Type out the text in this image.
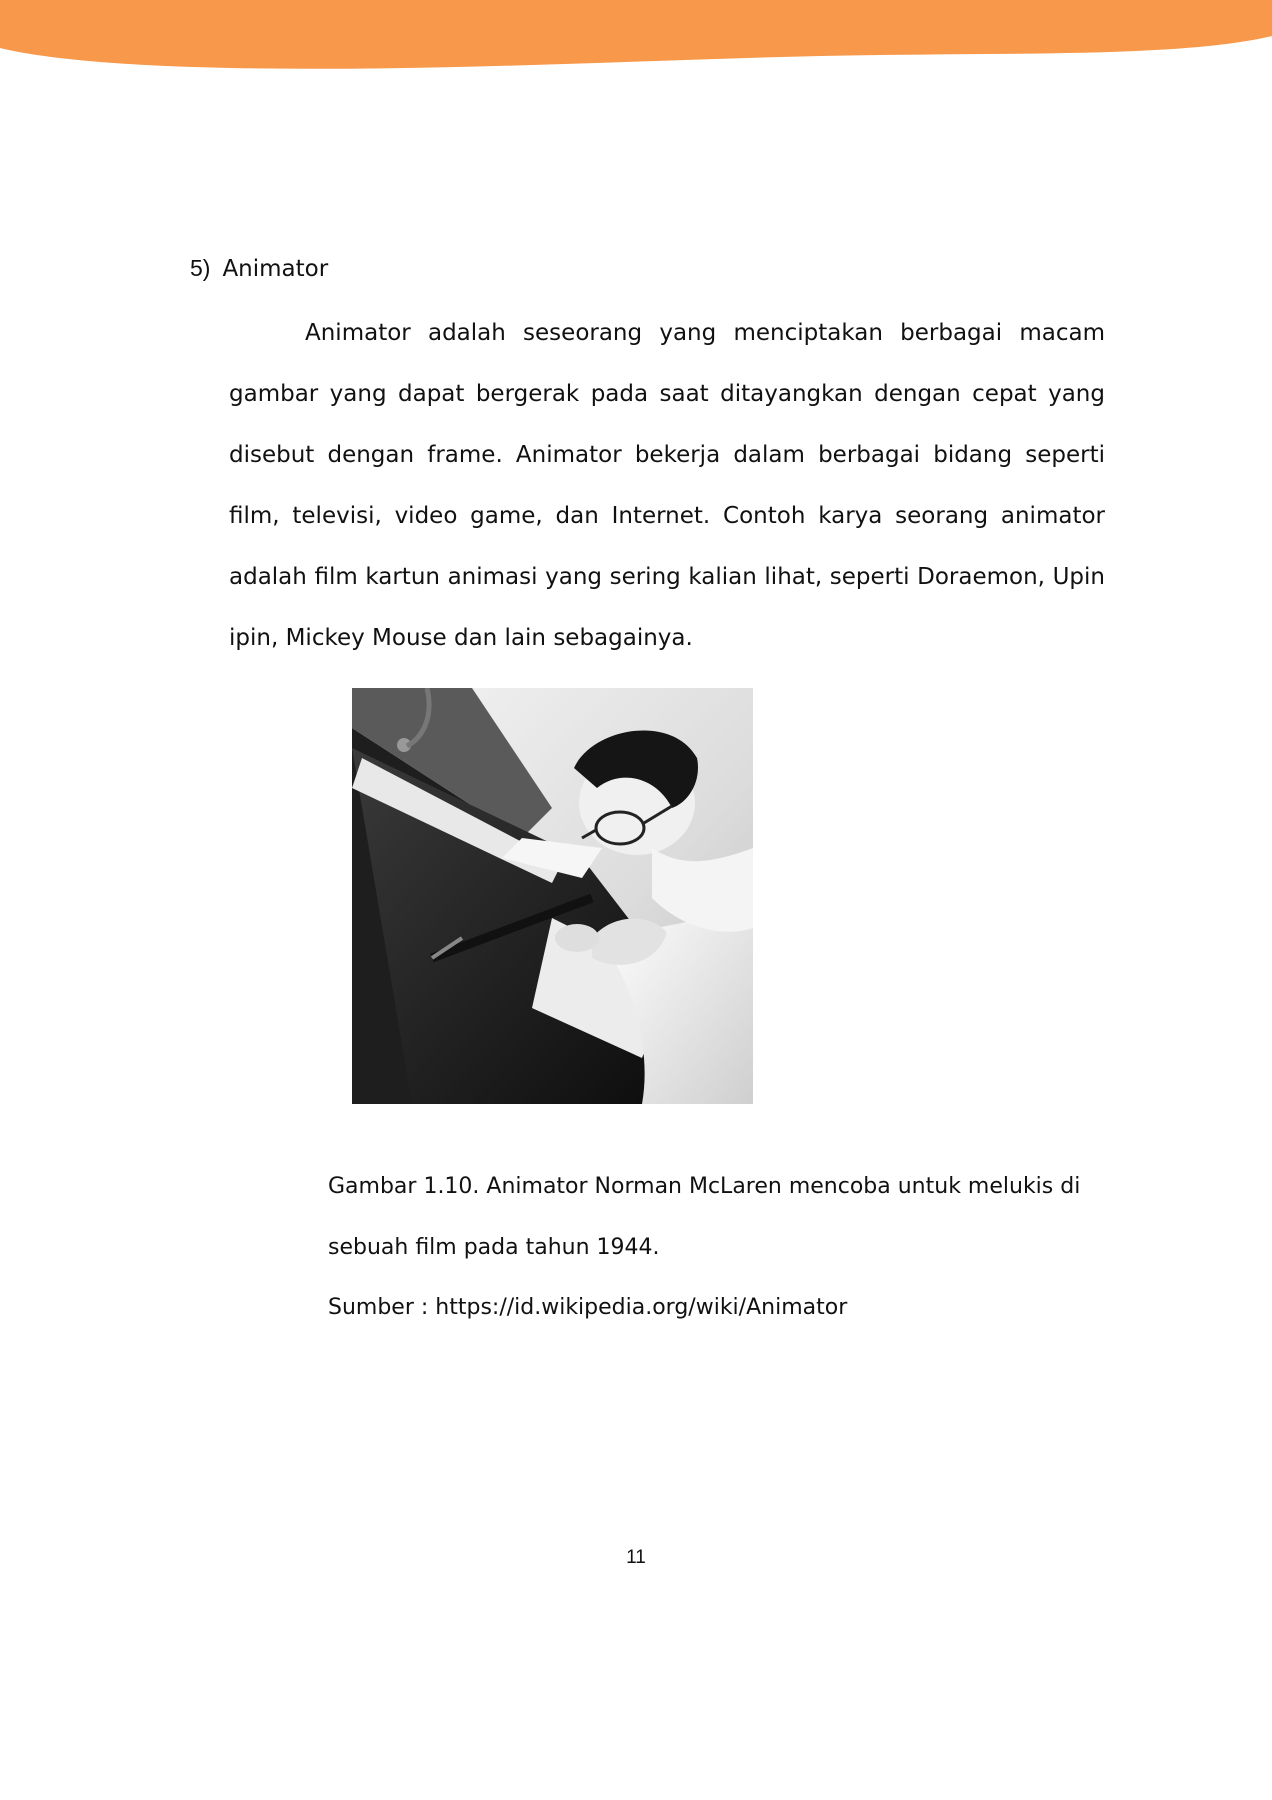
5) Animator

Animator adalah seseorang yang menciptakan berbagai macam gambar yang dapat bergerak pada saat ditayangkan dengan cepat yang disebut dengan frame. Animator bekerja dalam berbagai bidang seperti film, televisi, video game, dan Internet. Contoh karya seorang animator adalah film kartun animasi yang sering kalian lihat, seperti Doraemon, Upin ipin, Mickey Mouse dan lain sebagainya.

Gambar 1.10. Animator Norman McLaren mencoba untuk melukis di sebuah film pada tahun 1944.

Sumber : https://id.wikipedia.org/wiki/Animator
11
